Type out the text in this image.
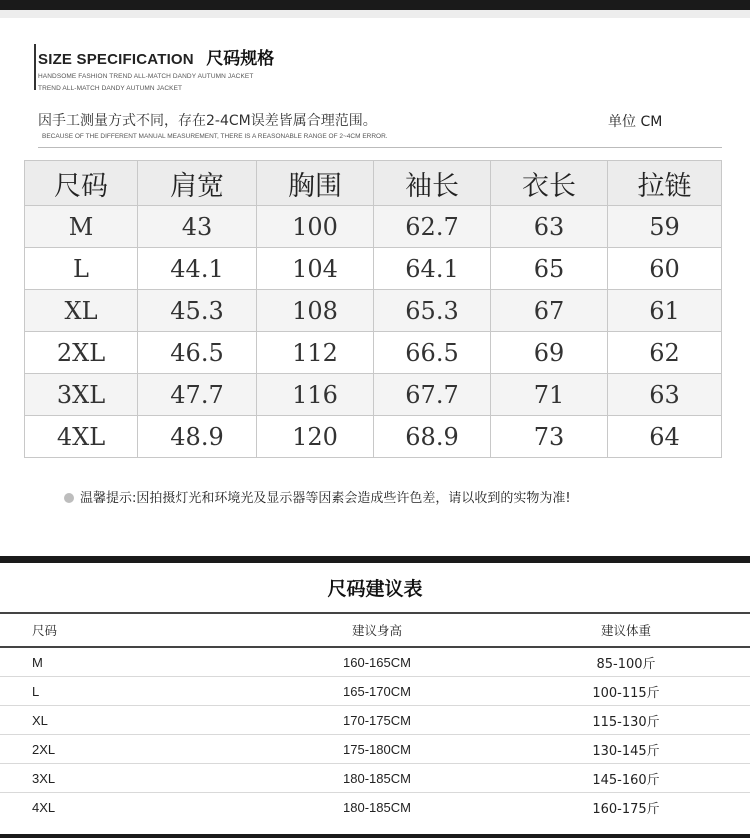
SIZE SPECIFICATION 尺码规格
HANDSOME FASHION TREND ALL-MATCH DANDY AUTUMN JACKET
TREND ALL-MATCH DANDY AUTUMN JACKET
因手工测量方式不同，存在2-4CM误差皆属合理范围。	单位 CM
BECAUSE OF THE DIFFERENT MANUAL MEASUREMENT, THERE IS A REASONABLE RANGE OF 2~4CM ERROR.
尺码	肩宽	胸围	袖长	衣长	拉链
M	43	100	62.7	63	59
L	44.1	104	64.1	65	60
XL	45.3	108	65.3	67	61
2XL	46.5	112	66.5	69	62
3XL	47.7	116	67.7	71	63
4XL	48.9	120	68.9	73	64
温馨提示:因拍摄灯光和环境光及显示器等因素会造成些许色差，请以收到的实物为准!
尺码建议表
尺码	建议身高	建议体重
M	160-165CM	85-100斤
L	165-170CM	100-115斤
XL	170-175CM	115-130斤
2XL	175-180CM	130-145斤
3XL	180-185CM	145-160斤
4XL	180-185CM	160-175斤
